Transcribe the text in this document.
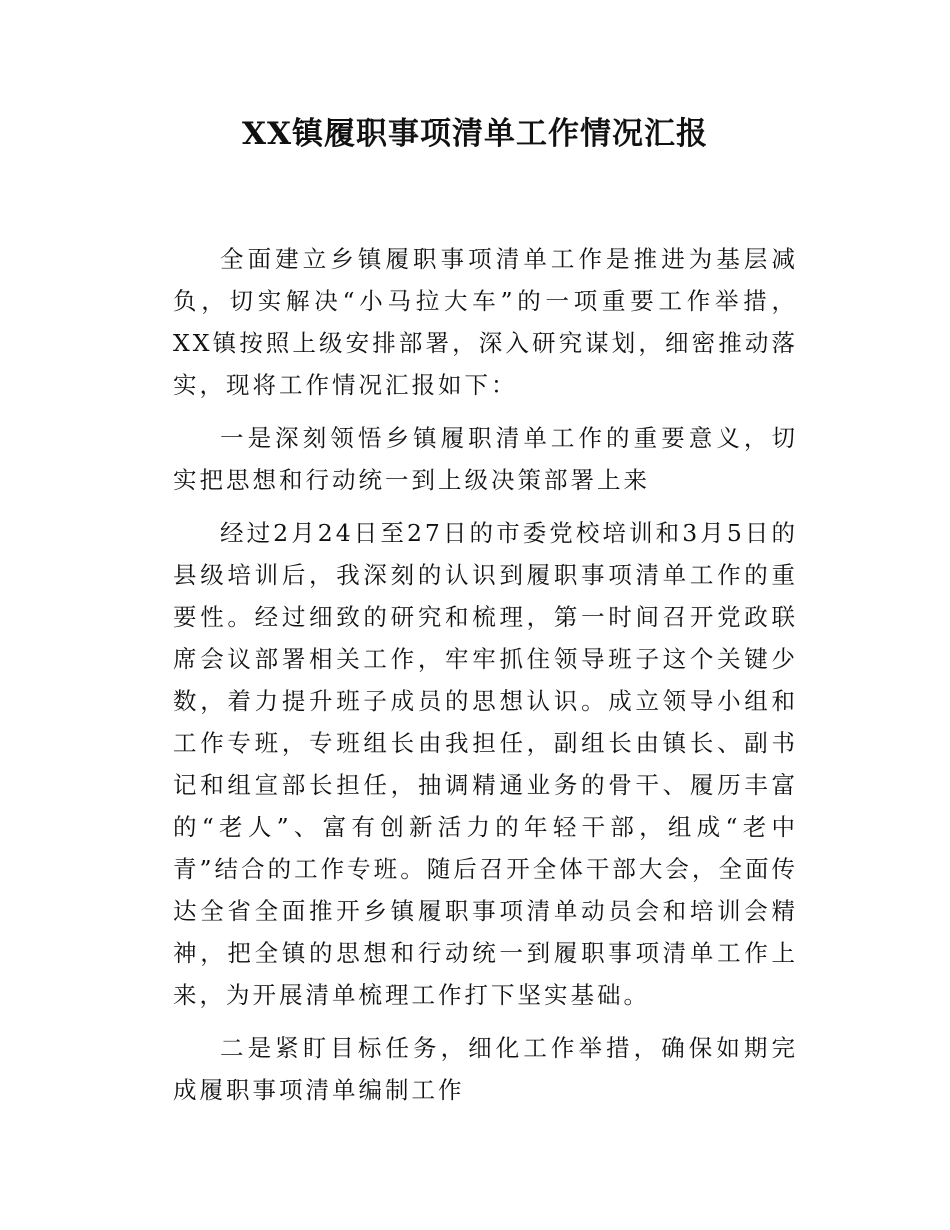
XX镇履职事项清单工作情况汇报

全面建立乡镇履职事项清单工作是推进为基层减负，切实解决“小马拉大车”的一项重要工作举措，XX镇按照上级安排部署，深入研究谋划，细密推动落实，现将工作情况汇报如下：

一是深刻领悟乡镇履职清单工作的重要意义，切实把思想和行动统一到上级决策部署上来

经过2月24日至27日的市委党校培训和3月5日的县级培训后，我深刻的认识到履职事项清单工作的重要性。经过细致的研究和梳理，第一时间召开党政联席会议部署相关工作，牢牢抓住领导班子这个关键少数，着力提升班子成员的思想认识。成立领导小组和工作专班，专班组长由我担任，副组长由镇长、副书记和组宣部长担任，抽调精通业务的骨干、履历丰富的“老人”、富有创新活力的年轻干部，组成“老中青”结合的工作专班。随后召开全体干部大会，全面传达全省全面推开乡镇履职事项清单动员会和培训会精神，把全镇的思想和行动统一到履职事项清单工作上来，为开展清单梳理工作打下坚实基础。

二是紧盯目标任务，细化工作举措，确保如期完成履职事项清单编制工作
